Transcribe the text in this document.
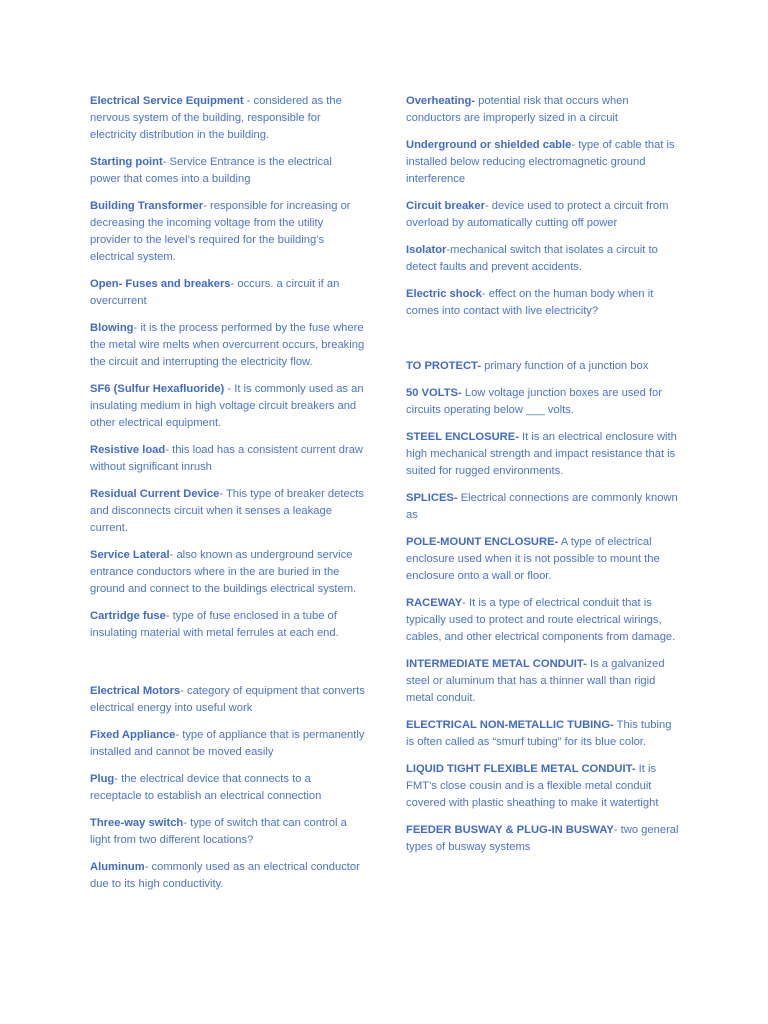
Electrical Service Equipment - considered as the nervous system of the building, responsible for electricity distribution in the building.

Starting point- Service Entrance is the electrical power that comes into a building

Building Transformer- responsible for increasing or decreasing the incoming voltage from the utility provider to the level’s required for the building’s electrical system.

Open- Fuses and breakers- occurs. a circuit if an overcurrent

Blowing- it is the process performed by the fuse where the metal wire melts when overcurrent occurs, breaking the circuit and interrupting the electricity flow.

SF6 (Sulfur Hexafluoride) - It is commonly used as an insulating medium in high voltage circuit breakers and other electrical equipment.

Resistive load- this load has a consistent current draw without significant inrush

Residual Current Device- This type of breaker detects and disconnects circuit when it senses a leakage current.

Service Lateral- also known as underground service entrance conductors where in the are buried in the ground and connect to the buildings electrical system.

Cartridge fuse- type of fuse enclosed in a tube of insulating material with metal ferrules at each end.

Electrical Motors- category of equipment that converts electrical energy into useful work

Fixed Appliance- type of appliance that is permanently installed and cannot be moved easily

Plug- the electrical device that connects to a receptacle to establish an electrical connection

Three-way switch- type of switch that can control a light from two different locations?

Aluminum- commonly used as an electrical conductor due to its high conductivity.

Overheating- potential risk that occurs when conductors are improperly sized in a circuit

Underground or shielded cable- type of cable that is installed below reducing electromagnetic ground interference

Circuit breaker- device used to protect a circuit from overload by automatically cutting off power

Isolator-mechanical switch that isolates a circuit to detect faults and prevent accidents.

Electric shock- effect on the human body when it comes into contact with live electricity?

TO PROTECT- primary function of a junction box

50 VOLTS- Low voltage junction boxes are used for circuits operating below ___ volts.

STEEL ENCLOSURE- It is an electrical enclosure with high mechanical strength and impact resistance that is suited for rugged environments.

SPLICES- Electrical connections are commonly known as

POLE-MOUNT ENCLOSURE- A type of electrical enclosure used when it is not possible to mount the enclosure onto a wall or floor.

RACEWAY- It is a type of electrical conduit that is typically used to protect and route electrical wirings, cables, and other electrical components from damage.

INTERMEDIATE METAL CONDUIT- Is a galvanized steel or aluminum that has a thinner wall than rigid metal conduit.

ELECTRICAL NON-METALLIC TUBING- This tubing is often called as “smurf tubing” for its blue color.

LIQUID TIGHT FLEXIBLE METAL CONDUIT- It is FMT’s close cousin and is a flexible metal conduit covered with plastic sheathing to make it watertight

FEEDER BUSWAY & PLUG-IN BUSWAY- two general types of busway systems
